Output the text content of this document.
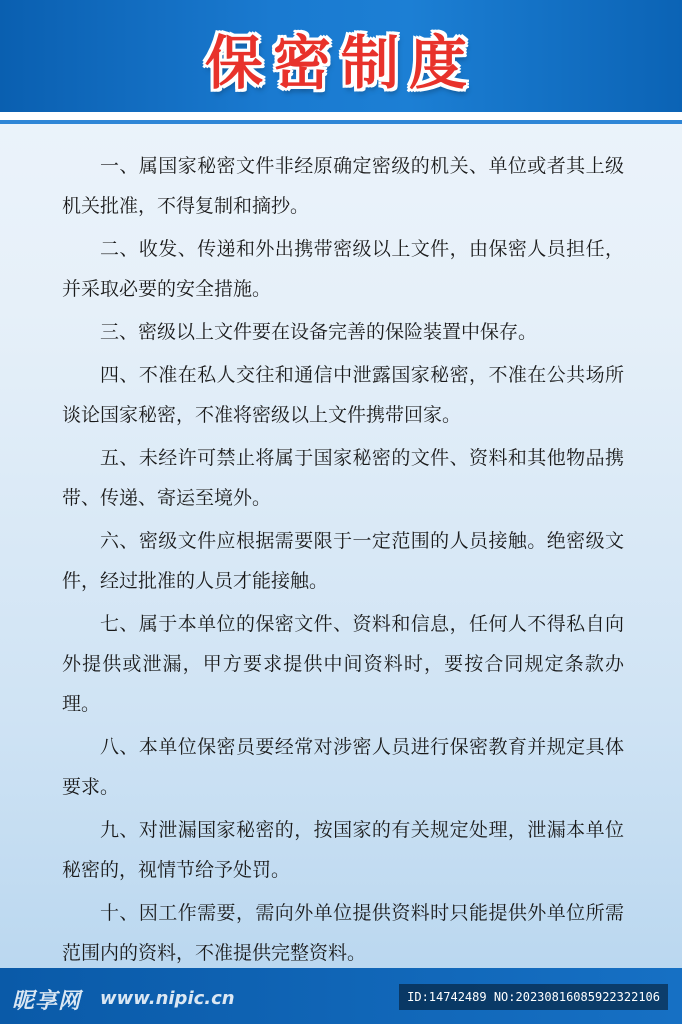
保密制度

一、属国家秘密文件非经原确定密级的机关、单位或者其上级机关批准，不得复制和摘抄。

二、收发、传递和外出携带密级以上文件，由保密人员担任，并采取必要的安全措施。

三、密级以上文件要在设备完善的保险装置中保存。

四、不准在私人交往和通信中泄露国家秘密，不准在公共场所谈论国家秘密，不准将密级以上文件携带回家。

五、未经许可禁止将属于国家秘密的文件、资料和其他物品携带、传递、寄运至境外。

六、密级文件应根据需要限于一定范围的人员接触。绝密级文件，经过批准的人员才能接触。

七、属于本单位的保密文件、资料和信息，任何人不得私自向外提供或泄漏，甲方要求提供中间资料时，要按合同规定条款办理。

八、本单位保密员要经常对涉密人员进行保密教育并规定具体要求。

九、对泄漏国家秘密的，按国家的有关规定处理，泄漏本单位秘密的，视情节给予处罚。

十、因工作需要，需向外单位提供资料时只能提供外单位所需范围内的资料，不准提供完整资料。

昵享网 www.nipic.cn	ID:14742489 NO:20230816085922322106
